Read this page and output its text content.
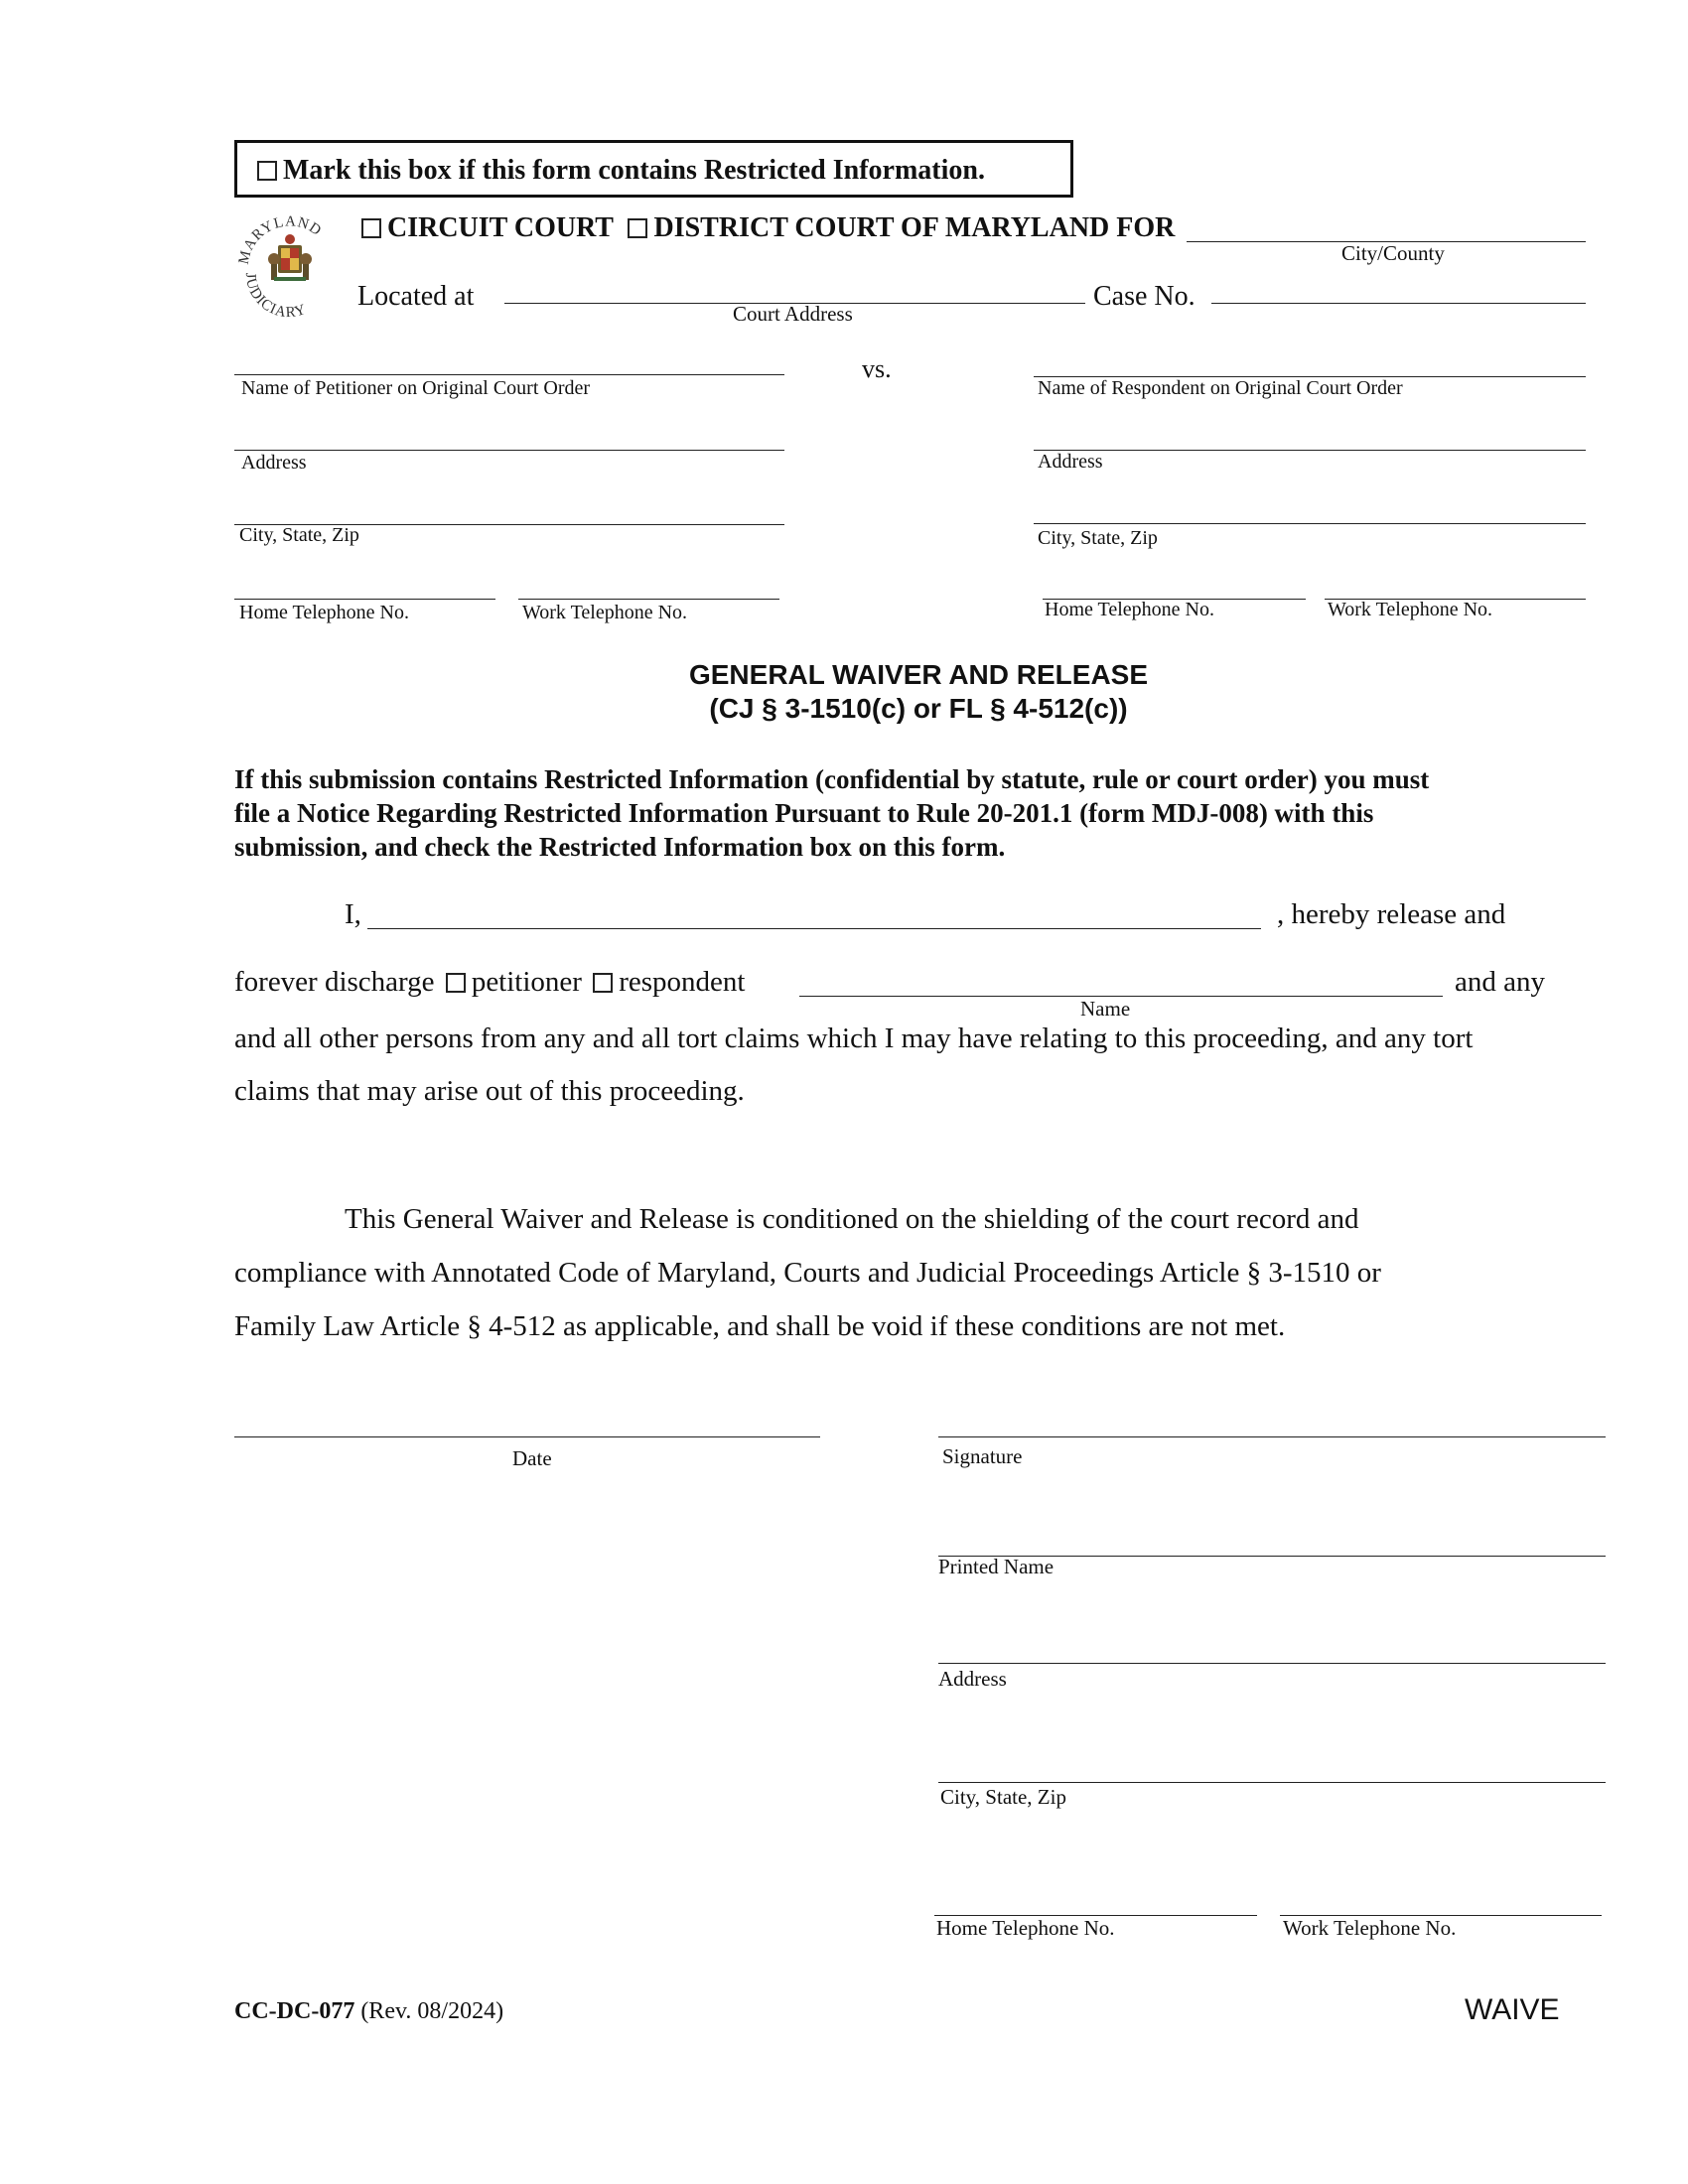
Mark this box if this form contains Restricted Information.
MARYLAND
JUDICIARY
CIRCUIT COURT DISTRICT COURT OF MARYLAND FOR
City/County
Located at
Court Address
Case No.
vs.
Name of Petitioner on Original Court Order
Address
City, State, Zip
Home Telephone No.	Work Telephone No.
Name of Respondent on Original Court Order
Address
City, State, Zip
Home Telephone No.	Work Telephone No.
GENERAL WAIVER AND RELEASE
(CJ § 3-1510(c) or FL § 4-512(c))
If this submission contains Restricted Information (confidential by statute, rule or court order) you must
file a Notice Regarding Restricted Information Pursuant to Rule 20-201.1 (form MDJ-008) with this
submission, and check the Restricted Information box on this form.
I,	, hereby release and
forever discharge petitioner respondent	and any
Name
and all other persons from any and all tort claims which I may have relating to this proceeding, and any tort
claims that may arise out of this proceeding.
This General Waiver and Release is conditioned on the shielding of the court record and
compliance with Annotated Code of Maryland, Courts and Judicial Proceedings Article § 3-1510 or
Family Law Article § 4-512 as applicable, and shall be void if these conditions are not met.
Date	Signature
Printed Name
Address
City, State, Zip
Home Telephone No.	Work Telephone No.
CC-DC-077 (Rev. 08/2024)	WAIVE
